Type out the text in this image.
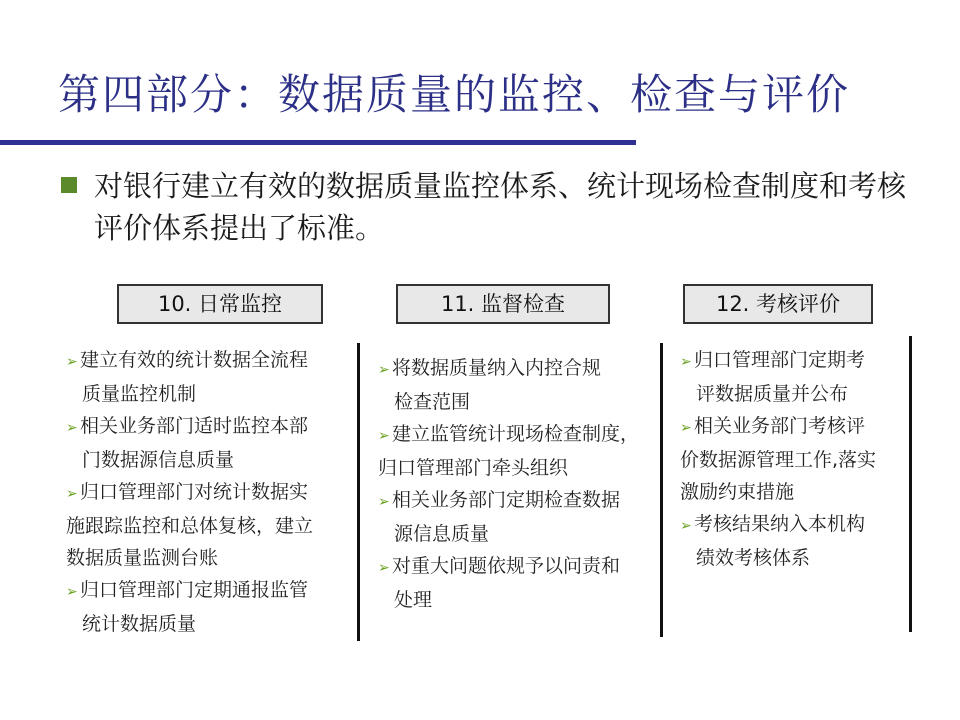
第四部分：数据质量的监控、检查与评价
对银行建立有效的数据质量监控体系、统计现场检查制度和考核评价体系提出了标准。
10. 日常监控	11. 监督检查	12. 考核评价
➢ 建立有效的统计数据全流程
质量监控机制
➢ 相关业务部门适时监控本部
门数据源信息质量
➢ 归口管理部门对统计数据实
施跟踪监控和总体复核，建立
数据质量监测台账
➢ 归口管理部门定期通报监管
统计数据质量
➢ 将数据质量纳入内控合规
检查范围
➢ 建立监管统计现场检查制度，
归口管理部门牵头组织
➢ 相关业务部门定期检查数据
源信息质量
➢ 对重大问题依规予以问责和
处理
➢ 归口管理部门定期考
评数据质量并公布
➢ 相关业务部门考核评
价数据源管理工作,落实
激励约束措施
➢ 考核结果纳入本机构
绩效考核体系
